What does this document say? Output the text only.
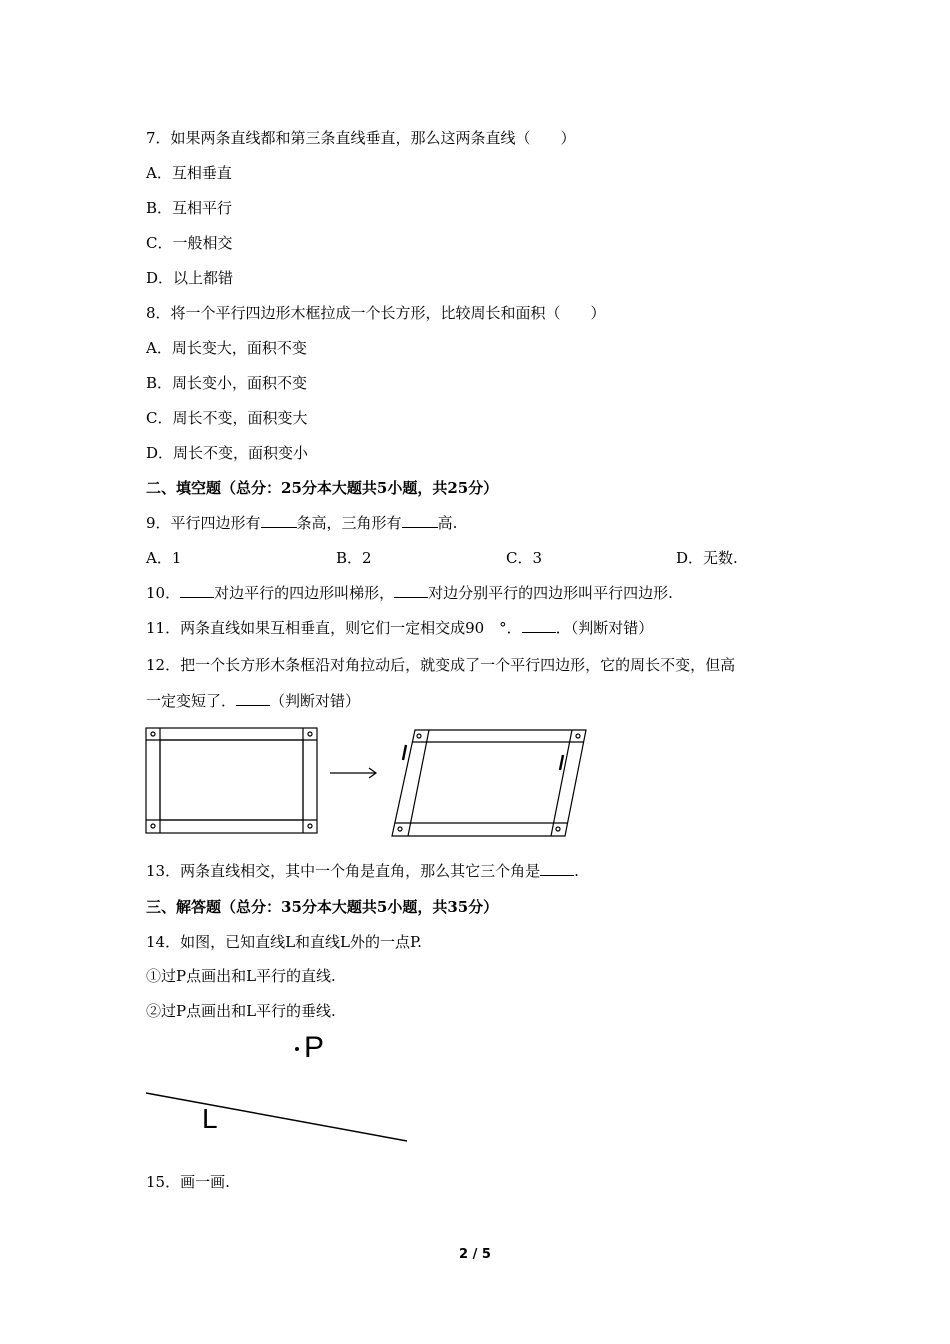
7．如果两条直线都和第三条直线垂直，那么这两条直线（　　）
A．互相垂直
B．互相平行
C．一般相交
D．以上都错
8．将一个平行四边形木框拉成一个长方形，比较周长和面积（　　）
A．周长变大，面积不变
B．周长变小，面积不变
C．周长不变，面积变大
D．周长不变，面积变小
二、填空题（总分：25分本大题共5小题，共25分）
9．平行四边形有 条高，三角形有 高.
A．1	B．2	C．3	D．无数.
10． 对边平行的四边形叫梯形， 对边分别平行的四边形叫平行四边形.
11．两条直线如果互相垂直，则它们一定相交成90　°． ．（判断对错）
12．把一个长方形木条框沿对角拉动后，就变成了一个平行四边形，它的周长不变，但高
一定变短了． （判断对错）
13．两条直线相交，其中一个角是直角，那么其它三个角是 .
三、解答题（总分：35分本大题共5小题，共35分）
14．如图，已知直线L和直线L外的一点P.
①过P点画出和L平行的直线.
②过P点画出和L平行的垂线.
P
L
15．画一画.
2 / 5
